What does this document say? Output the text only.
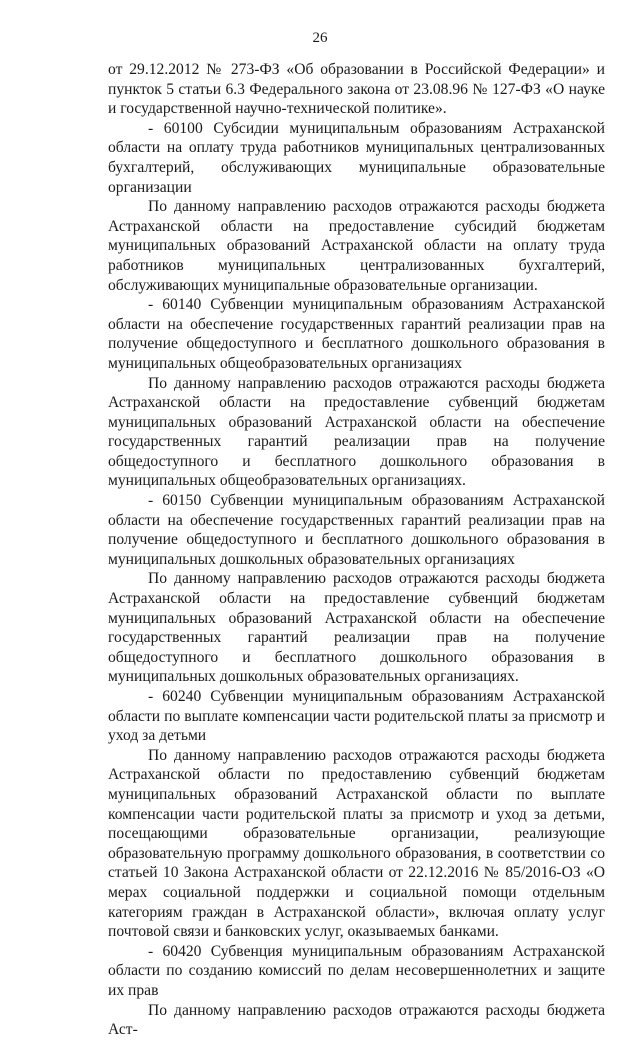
26

от 29.12.2012 № 273-ФЗ «Об образовании в Российской Федерации» и пункток 5 статьи 6.3 Федерального закона от 23.08.96 № 127-ФЗ «О науке и государственной научно-технической политике».

- 60100 Субсидии муниципальным образованиям Астраханской области на оплату труда работников муниципальных централизованных бухгалтерий, обслуживающих муниципальные образовательные организации

По данному направлению расходов отражаются расходы бюджета Астраханской области на предоставление субсидий бюджетам муниципальных образований Астраханской области на оплату труда работников муниципальных централизованных бухгалтерий, обслуживающих муниципальные образовательные организации.

- 60140 Субвенции муниципальным образованиям Астраханской области на обеспечение государственных гарантий реализации прав на получение общедоступного и бесплатного дошкольного образования в муниципальных общеобразовательных организациях

По данному направлению расходов отражаются расходы бюджета Астраханской области на предоставление субвенций бюджетам муниципальных образований Астраханской области на обеспечение государственных гарантий реализации прав на получение общедоступного и бесплатного дошкольного образования в муниципальных общеобразовательных организациях.

- 60150 Субвенции муниципальным образованиям Астраханской области на обеспечение государственных гарантий реализации прав на получение общедоступного и бесплатного дошкольного образования в муниципальных дошкольных образовательных организациях

По данному направлению расходов отражаются расходы бюджета Астраханской области на предоставление субвенций бюджетам муниципальных образований Астраханской области на обеспечение государственных гарантий реализации прав на получение общедоступного и бесплатного дошкольного образования в муниципальных дошкольных образовательных организациях.

- 60240 Субвенции муниципальным образованиям Астраханской области по выплате компенсации части родительской платы за присмотр и уход за детьми

По данному направлению расходов отражаются расходы бюджета Астраханской области по предоставлению субвенций бюджетам муниципальных образований Астраханской области по выплате компенсации части родительской платы за присмотр и уход за детьми, посещающими образовательные организации, реализующие образовательную программу дошкольного образования, в соответствии со статьей 10 Закона Астраханской области от 22.12.2016 № 85/2016-ОЗ «О мерах социальной поддержки и социальной помощи отдельным категориям граждан в Астраханской области», включая оплату услуг почтовой связи и банковских услуг, оказываемых банками.

- 60420 Субвенция муниципальным образованиям Астраханской области по созданию комиссий по делам несовершеннолетних и защите их прав

По данному направлению расходов отражаются расходы бюджета Аст-
